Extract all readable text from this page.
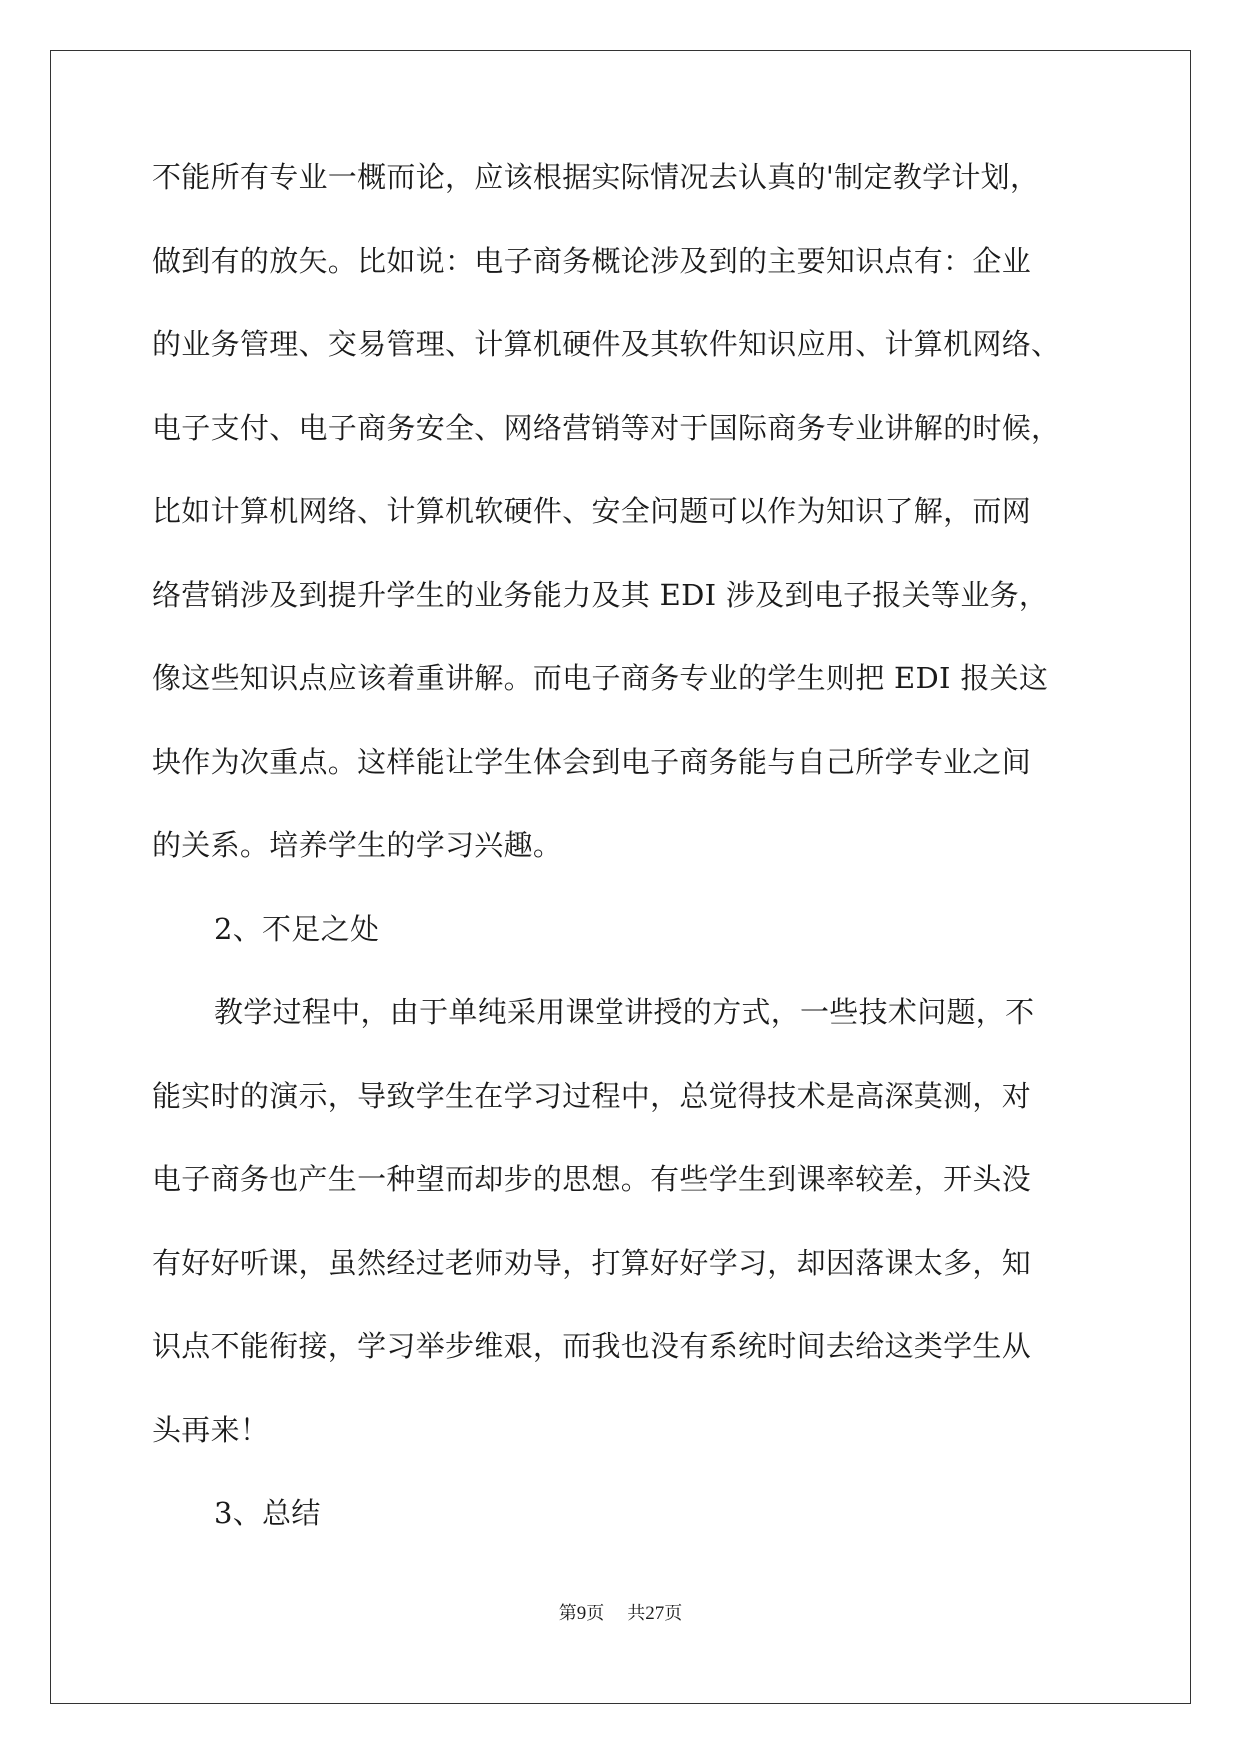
不能所有专业一概而论，应该根据实际情况去认真的'制定教学计划，
做到有的放矢。比如说：电子商务概论涉及到的主要知识点有：企业
的业务管理、交易管理、计算机硬件及其软件知识应用、计算机网络、
电子支付、电子商务安全、网络营销等对于国际商务专业讲解的时候，
比如计算机网络、计算机软硬件、安全问题可以作为知识了解，而网
络营销涉及到提升学生的业务能力及其 EDI 涉及到电子报关等业务，
像这些知识点应该着重讲解。而电子商务专业的学生则把 EDI 报关这
块作为次重点。这样能让学生体会到电子商务能与自己所学专业之间
的关系。培养学生的学习兴趣。
2、不足之处
教学过程中，由于单纯采用课堂讲授的方式，一些技术问题，不
能实时的演示，导致学生在学习过程中，总觉得技术是高深莫测，对
电子商务也产生一种望而却步的思想。有些学生到课率较差，开头没
有好好听课，虽然经过老师劝导，打算好好学习，却因落课太多，知
识点不能衔接，学习举步维艰，而我也没有系统时间去给这类学生从
头再来！
3、总结
第9页 共27页
